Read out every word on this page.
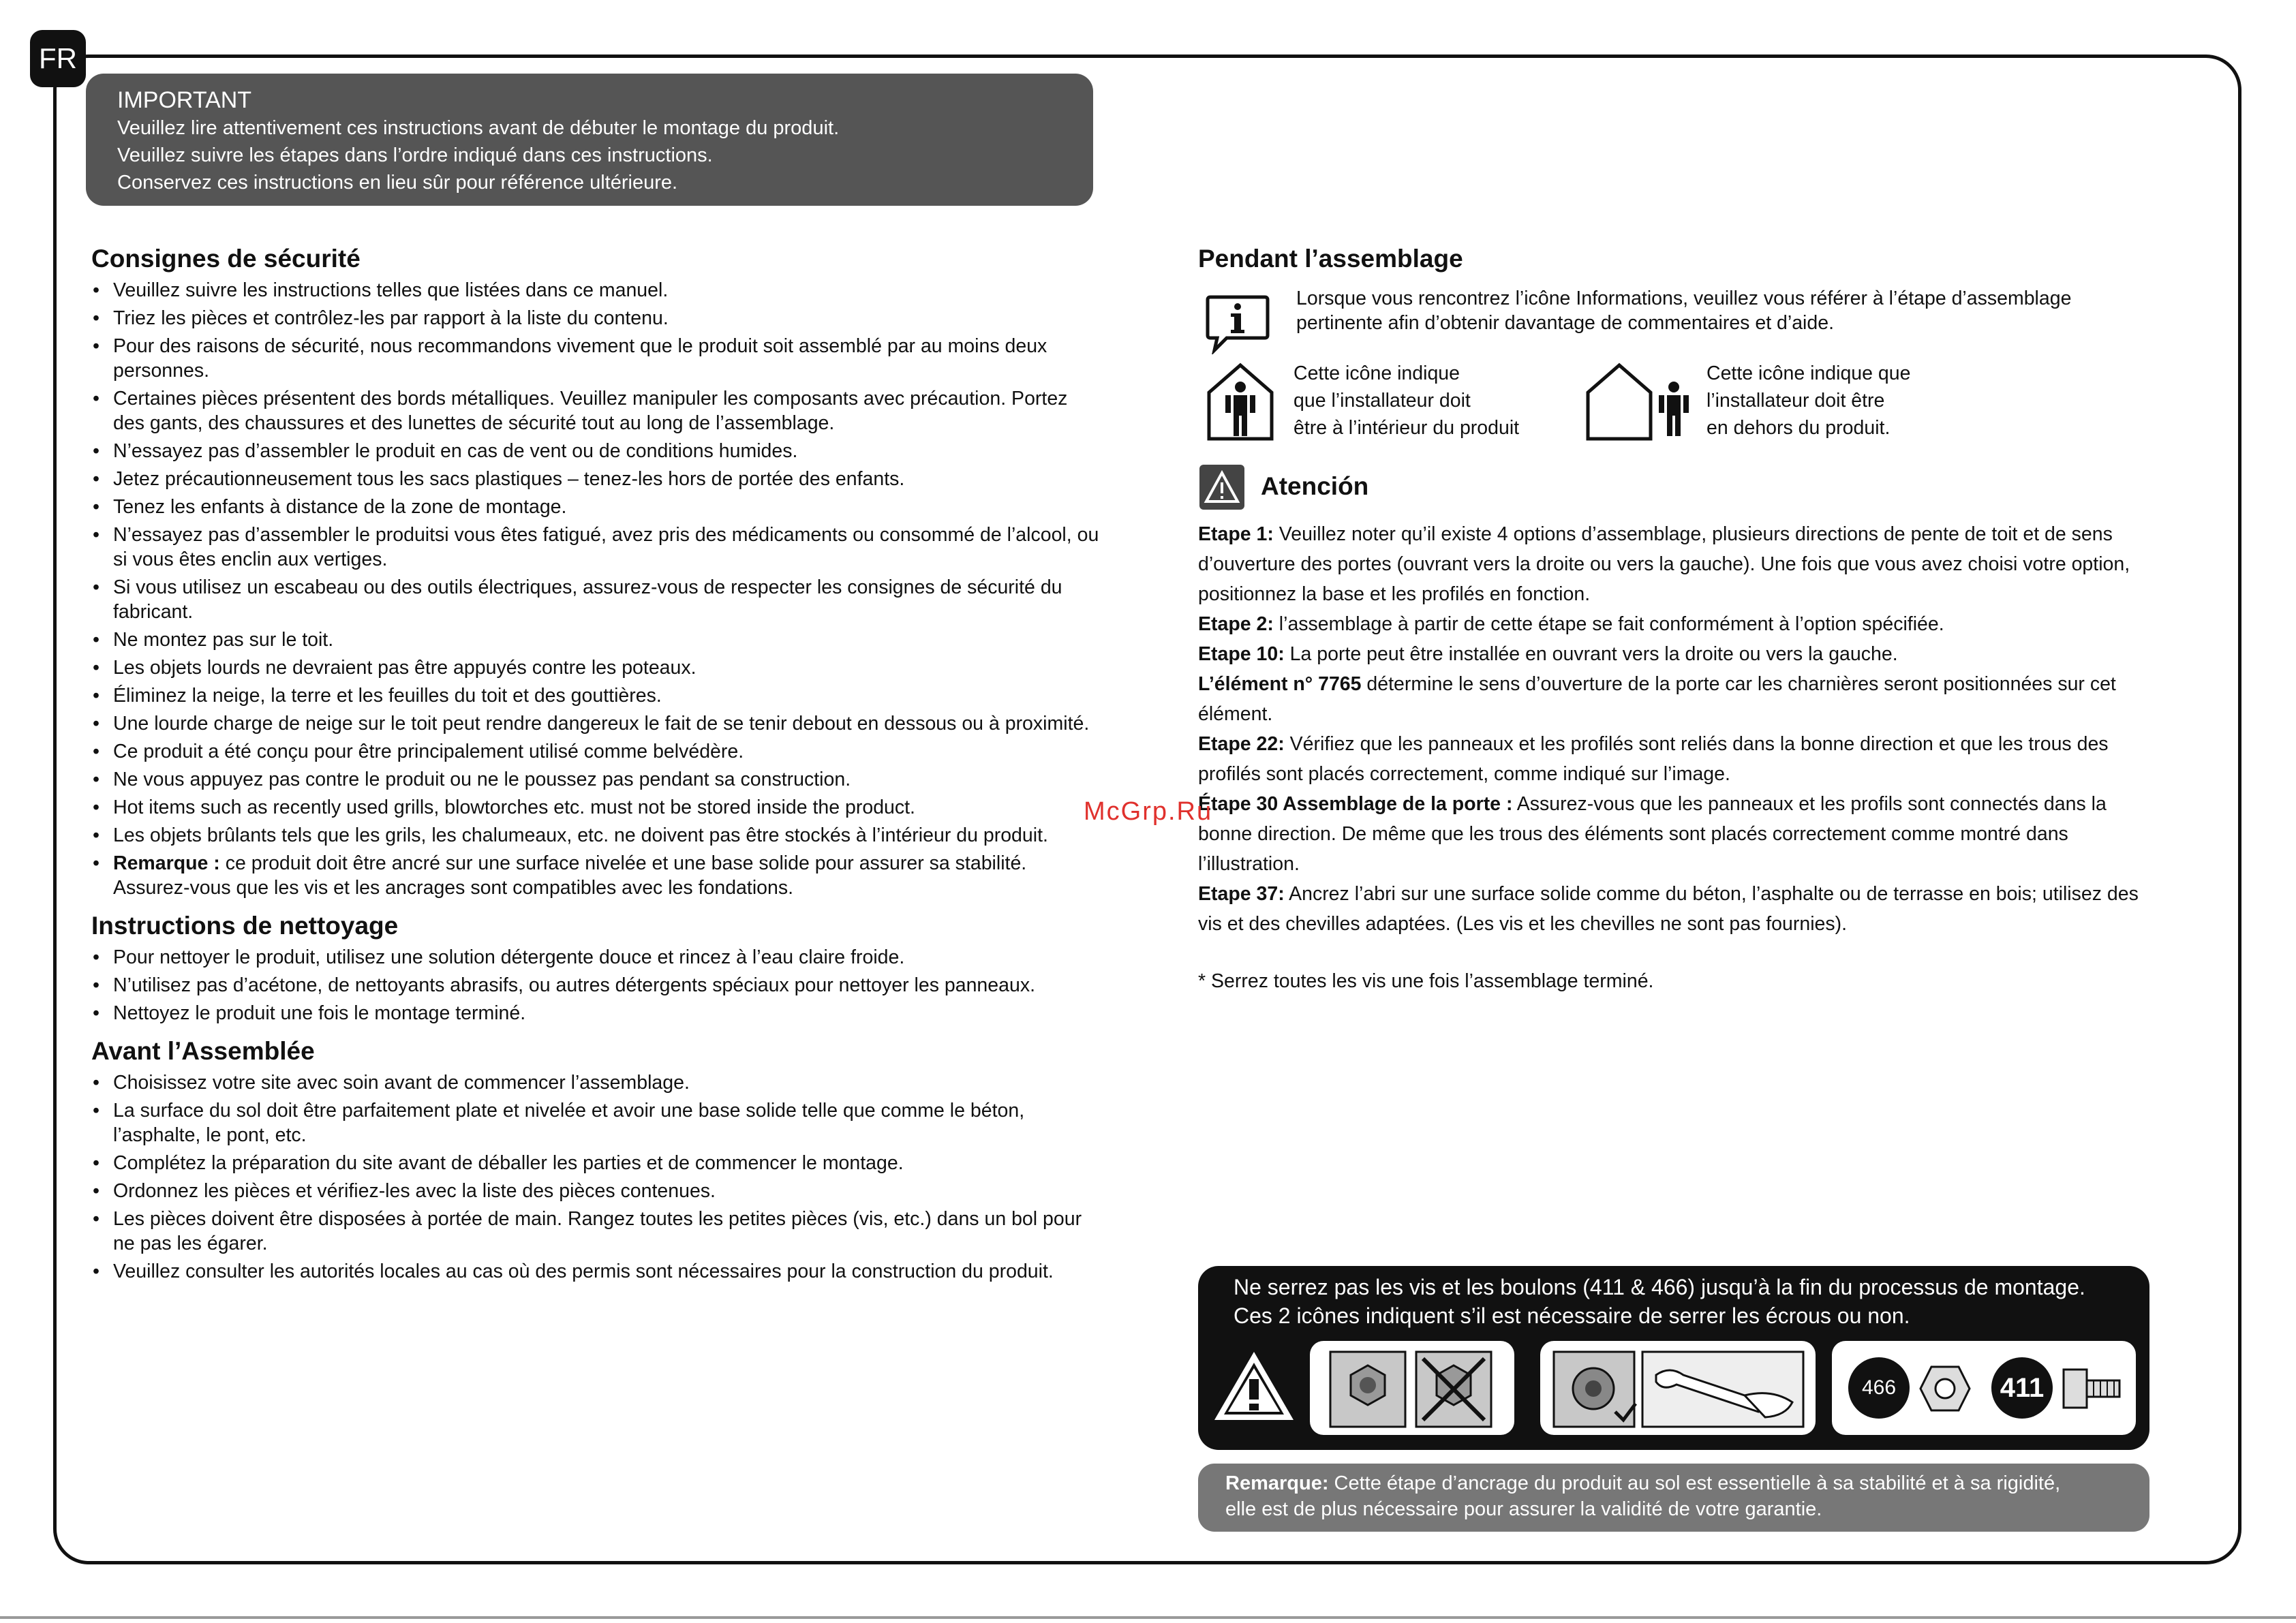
FR
IMPORTANT
Veuillez lire attentivement ces instructions avant de débuter le montage du produit.
Veuillez suivre les étapes dans l’ordre indiqué dans ces instructions.
Conservez ces instructions en lieu sûr pour référence ultérieure.
Consignes de sécurité
• Veuillez suivre les instructions telles que listées dans ce manuel.
• Triez les pièces et contrôlez-les par rapport à la liste du contenu.
• Pour des raisons de sécurité, nous recommandons vivement que le produit soit assemblé par au moins deux personnes.
• Certaines pièces présentent des bords métalliques. Veuillez manipuler les composants avec précaution. Portez des gants, des chaussures et des lunettes de sécurité tout au long de l’assemblage.
• N’essayez pas d’assembler le produit en cas de vent ou de conditions humides.
• Jetez précautionneusement tous les sacs plastiques – tenez-les hors de portée des enfants.
• Tenez les enfants à distance de la zone de montage.
• N’essayez pas d’assembler le produitsi vous êtes fatigué, avez pris des médicaments ou consommé de l’alcool, ou si vous êtes enclin aux vertiges.
• Si vous utilisez un escabeau ou des outils électriques, assurez-vous de respecter les consignes de sécurité du fabricant.
• Ne montez pas sur le toit.
• Les objets lourds ne devraient pas être appuyés contre les poteaux.
• Éliminez la neige, la terre et les feuilles du toit et des gouttières.
• Une lourde charge de neige sur le toit peut rendre dangereux le fait de se tenir debout en dessous ou à proximité.
• Ce produit a été conçu pour être principalement utilisé comme belvédère.
• Ne vous appuyez pas contre le produit ou ne le poussez pas pendant sa construction.
• Hot items such as recently used grills, blowtorches etc. must not be stored inside the product.
• Les objets brûlants tels que les grils, les chalumeaux, etc. ne doivent pas être stockés à l’intérieur du produit.
• Remarque : ce produit doit être ancré sur une surface nivelée et une base solide pour assurer sa stabilité. Assurez-vous que les vis et les ancrages sont compatibles avec les fondations.
Instructions de nettoyage
• Pour nettoyer le produit, utilisez une solution détergente douce et rincez à l’eau claire froide.
• N’utilisez pas d’acétone, de nettoyants abrasifs, ou autres détergents spéciaux pour nettoyer les panneaux.
• Nettoyez le produit une fois le montage terminé.
Avant l’Assemblée
• Choisissez votre site avec soin avant de commencer l’assemblage.
• La surface du sol doit être parfaitement plate et nivelée et avoir une base solide telle que comme le béton, l’asphalte, le pont, etc.
• Complétez la préparation du site avant de déballer les parties et de commencer le montage.
• Ordonnez les pièces et vérifiez-les avec la liste des pièces contenues.
• Les pièces doivent être disposées à portée de main. Rangez toutes les petites pièces (vis, etc.) dans un bol pour ne pas les égarer.
• Veuillez consulter les autorités locales au cas où des permis sont nécessaires pour la construction du produit.
Pendant l’assemblage
Lorsque vous rencontrez l’icône Informations, veuillez vous référer à l’étape d’assemblage pertinente afin d’obtenir davantage de commentaires et d’aide.
Cette icône indique
que l’installateur doit
être à l’intérieur du produit
Cette icône indique que
l’installateur doit être
en dehors du produit.
Atención

Etape 1: Veuillez noter qu’il existe 4 options d’assemblage, plusieurs directions de pente de toit et de sens d’ouverture des portes (ouvrant vers la droite ou vers la gauche). Une fois que vous avez choisi votre option, positionnez la base et les profilés en fonction.

Etape 2: l’assemblage à partir de cette étape se fait conformément à l’option spécifiée.

Etape 10: La porte peut être installée en ouvrant vers la droite ou vers la gauche.

L’élément n° 7765 détermine le sens d’ouverture de la porte car les charnières seront positionnées sur cet élément.

Etape 22: Vérifiez que les panneaux et les profilés sont reliés dans la bonne direction et que les trous des profilés sont placés correctement, comme indiqué sur l’image.

Étape 30 Assemblage de la porte : Assurez-vous que les panneaux et les profils sont connectés dans la bonne direction. De même que les trous des éléments sont placés correctement comme montré dans l’illustration.

Etape 37: Ancrez l’abri sur une surface solide comme du béton, l’asphalte ou de terrasse en bois; utilisez des vis et des chevilles adaptées. (Les vis et les chevilles ne sont pas fournies).

* Serrez toutes les vis une fois l’assemblage terminé.

Ne serrez pas les vis et les boulons (411 & 466) jusqu’à la fin du processus de montage.
Ces 2 icônes indiquent s’il est nécessaire de serrer les écrous ou non.
466	411
Remarque: Cette étape d’ancrage du produit au sol est essentielle à sa stabilité et à sa rigidité,
elle est de plus nécessaire pour assurer la validité de votre garantie.
McGrp.Ru
